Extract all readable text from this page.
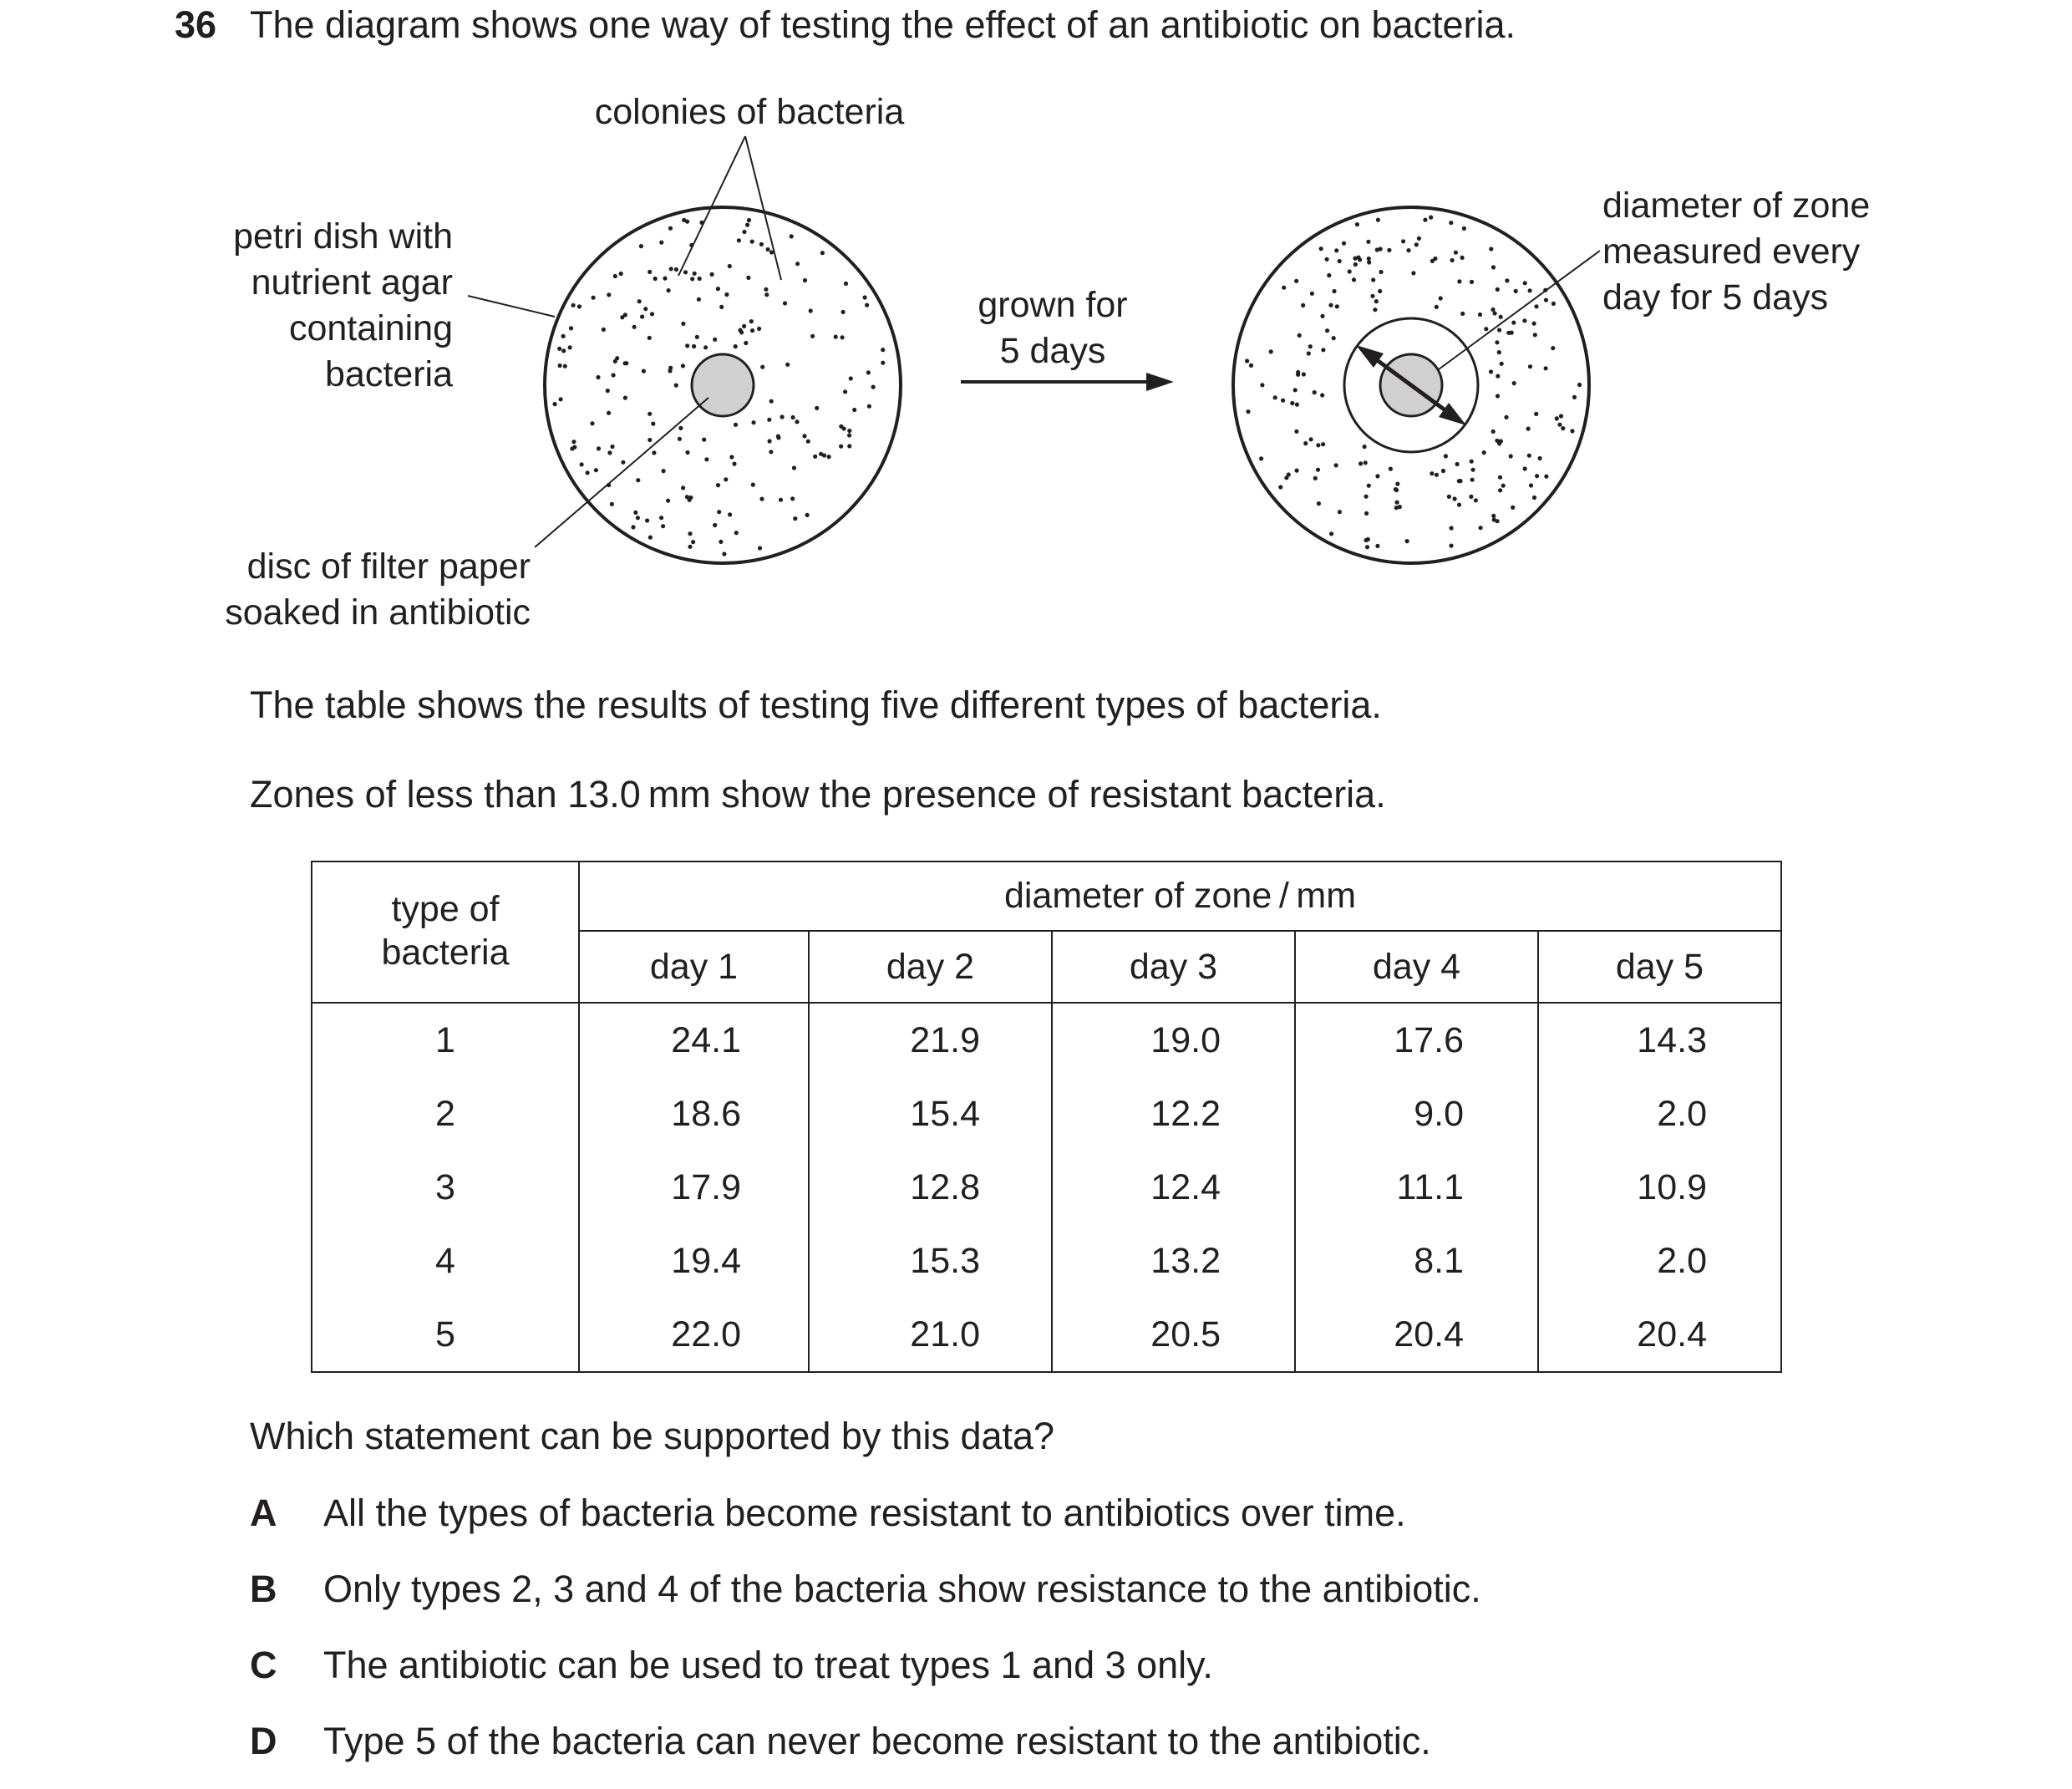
36 The diagram shows one way of testing the effect of an antibiotic on bacteria.
colonies of bacteria
petri dish with
nutrient agar
containing
bacteria
disc of filter paper
soaked in antibiotic
grown for
5 days
diameter of zone
measured every
day for 5 days
The table shows the results of testing five different types of bacteria.
Zones of less than 13.0 mm show the presence of resistant bacteria.
type of
bacteria	diameter of zone / mm				
	day 1	day 2	day 3	day 4	day 5
1	24.1	21.9	19.0	17.6	14.3
2	18.6	15.4	12.2	9.0	2.0
3	17.9	12.8	12.4	11.1	10.9
4	19.4	15.3	13.2	8.1	2.0
5	22.0	21.0	20.5	20.4	20.4
Which statement can be supported by this data?
A All the types of bacteria become resistant to antibiotics over time.
B Only types 2, 3 and 4 of the bacteria show resistance to the antibiotic.
C The antibiotic can be used to treat types 1 and 3 only.
D Type 5 of the bacteria can never become resistant to the antibiotic.
